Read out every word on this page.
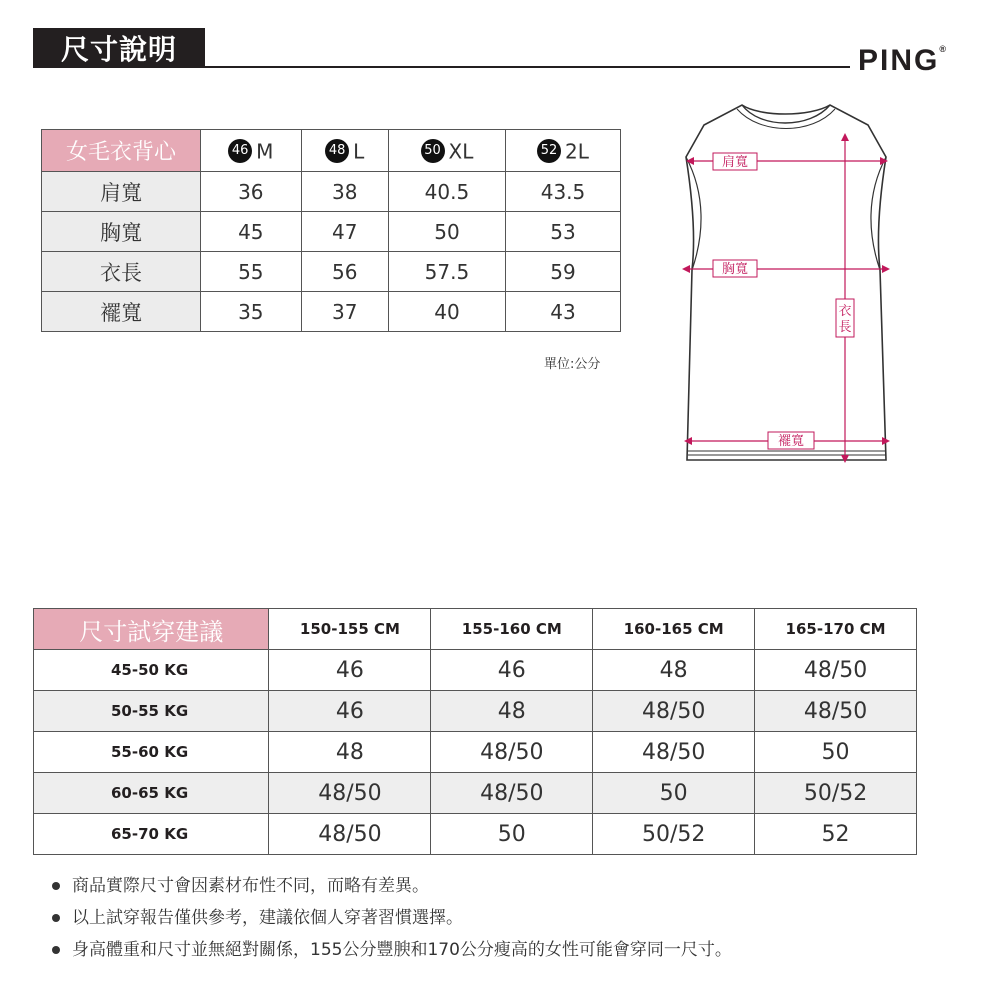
尺寸說明	PING®
女毛衣背心	46 M	48 L	50 XL	52 2L
肩寬	36	38	40.5	43.5
胸寬	45	47	50	53
衣長	55	56	57.5	59
襬寬	35	37	40	43
單位:公分
肩寬
胸寬
衣
長
襬寬
尺寸試穿建議	150-155 CM	155-160 CM	160-165 CM	165-170 CM
45-50 KG	46	46	48	48/50
50-55 KG	46	48	48/50	48/50
55-60 KG	48	48/50	48/50	50
60-65 KG	48/50	48/50	50	50/52
65-70 KG	48/50	50	50/52	52
商品實際尺寸會因素材布性不同，而略有差異。
以上試穿報告僅供參考，建議依個人穿著習慣選擇。
身高體重和尺寸並無絕對關係，155公分豐腴和170公分瘦高的女性可能會穿同一尺寸。
